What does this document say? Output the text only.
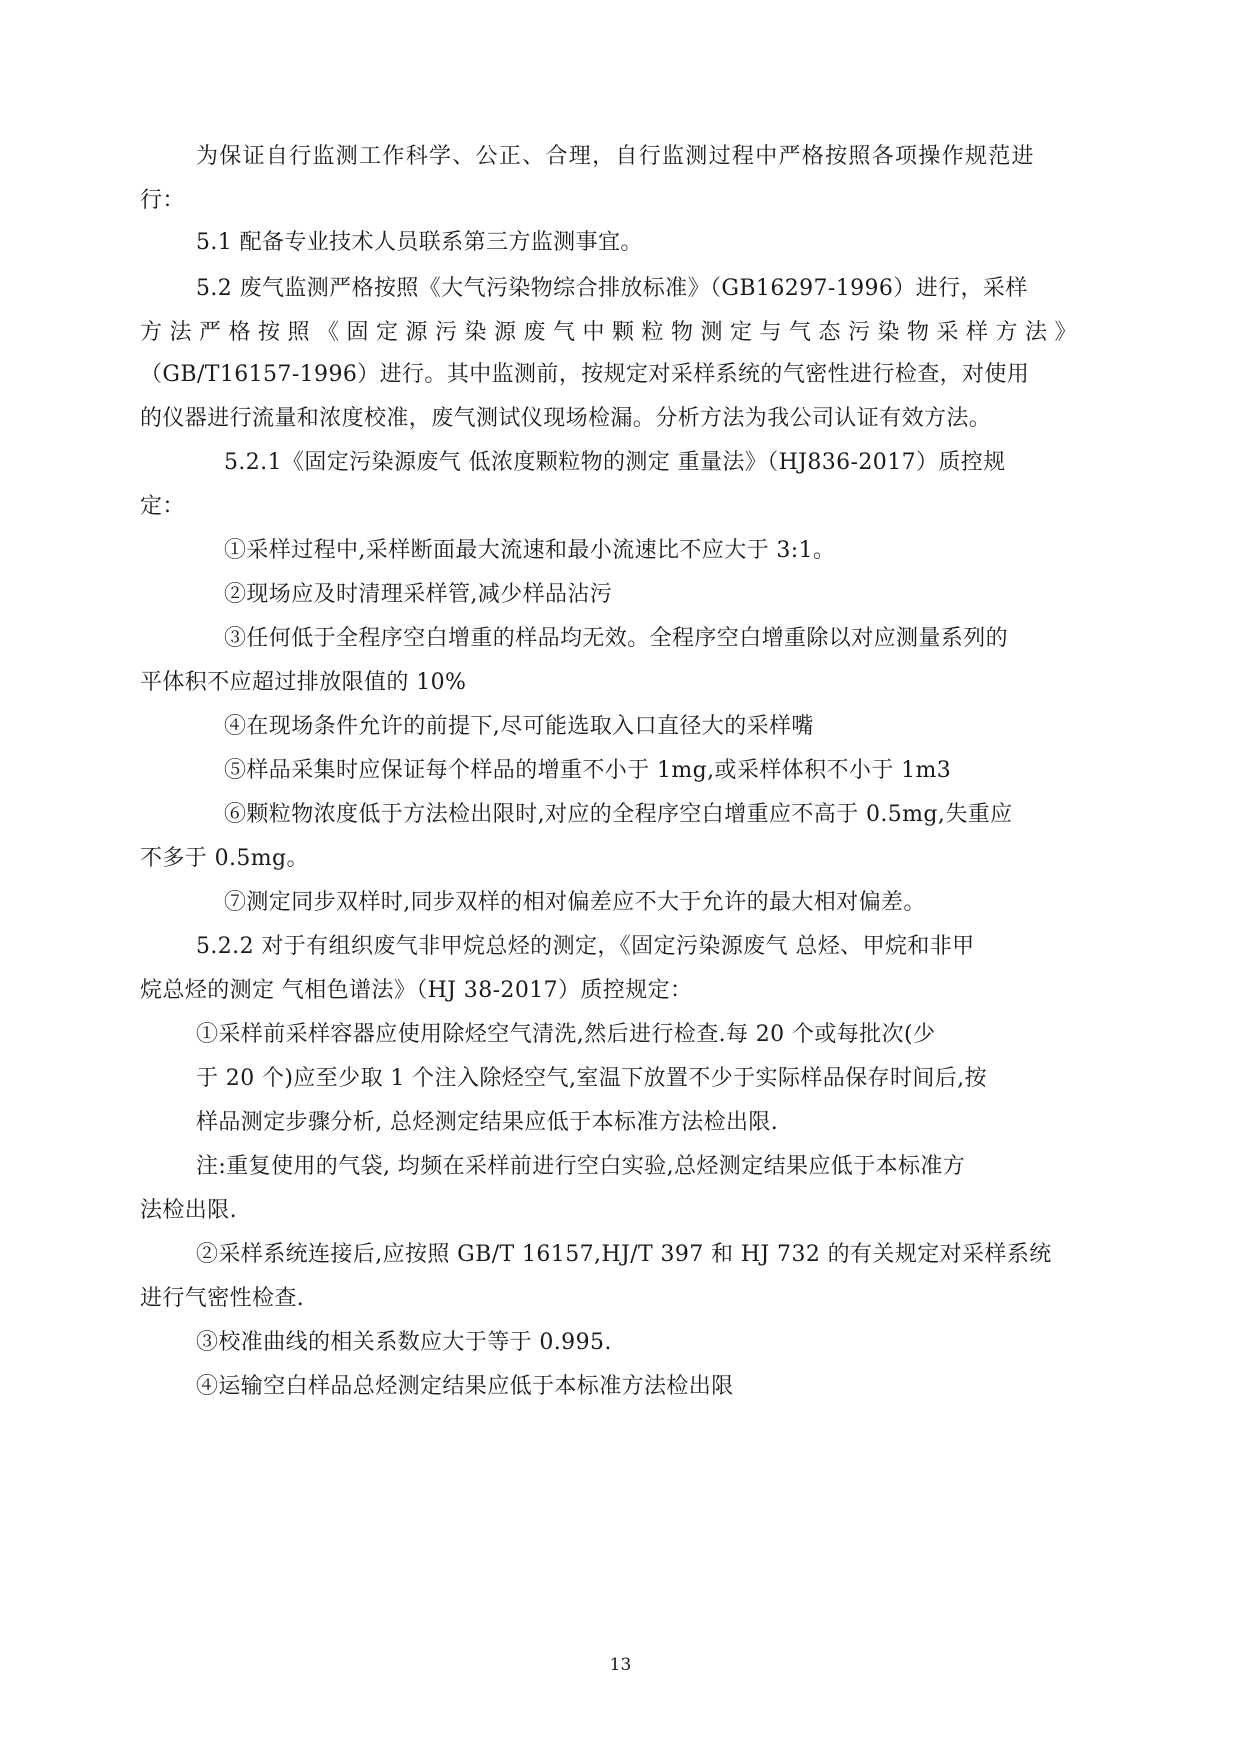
为保证自行监测工作科学、公正、合理，自行监测过程中严格按照各项操作规范进
行：
5.1 配备专业技术人员联系第三方监测事宜。
5.2 废气监测严格按照《大气污染物综合排放标准》（GB16297-1996）进行，采样
方法严格按照《固定源污染源废气中颗粒物测定与气态污染物采样方法》
（GB/T16157-1996）进行。其中监测前，按规定对采样系统的气密性进行检查，对使用
的仪器进行流量和浓度校准，废气测试仪现场检漏。分析方法为我公司认证有效方法。
5.2.1《固定污染源废气 低浓度颗粒物的测定 重量法》（HJ836-2017）质控规
定：
①采样过程中,采样断面最大流速和最小流速比不应大于 3:1。
②现场应及时清理采样管,减少样品沾污
③任何低于全程序空白增重的样品均无效。全程序空白增重除以对应测量系列的
平体积不应超过排放限值的 10%
④在现场条件允许的前提下,尽可能选取入口直径大的采样嘴
⑤样品采集时应保证每个样品的增重不小于 1mg,或采样体积不小于 1m3
⑥颗粒物浓度低于方法检出限时,对应的全程序空白增重应不高于 0.5mg,失重应
不多于 0.5mg。
⑦测定同步双样时,同步双样的相对偏差应不大于允许的最大相对偏差。
5.2.2 对于有组织废气非甲烷总烃的测定，《固定污染源废气 总烃、甲烷和非甲
烷总烃的测定 气相色谱法》（HJ 38-2017）质控规定：
①采样前采样容器应使用除烃空气清洗,然后进行检查.每 20 个或每批次(少
于 20 个)应至少取 1 个注入除烃空气,室温下放置不少于实际样品保存时间后,按
样品测定步骤分析, 总烃测定结果应低于本标准方法检出限.
注:重复使用的气袋, 均频在采样前进行空白实验,总烃测定结果应低于本标准方
法检出限.
②采样系统连接后,应按照 GB/T 16157,HJ/T 397 和 HJ 732 的有关规定对采样系统
进行气密性检查.
③校准曲线的相关系数应大于等于 0.995.
④运输空白样品总烃测定结果应低于本标准方法检出限
13
